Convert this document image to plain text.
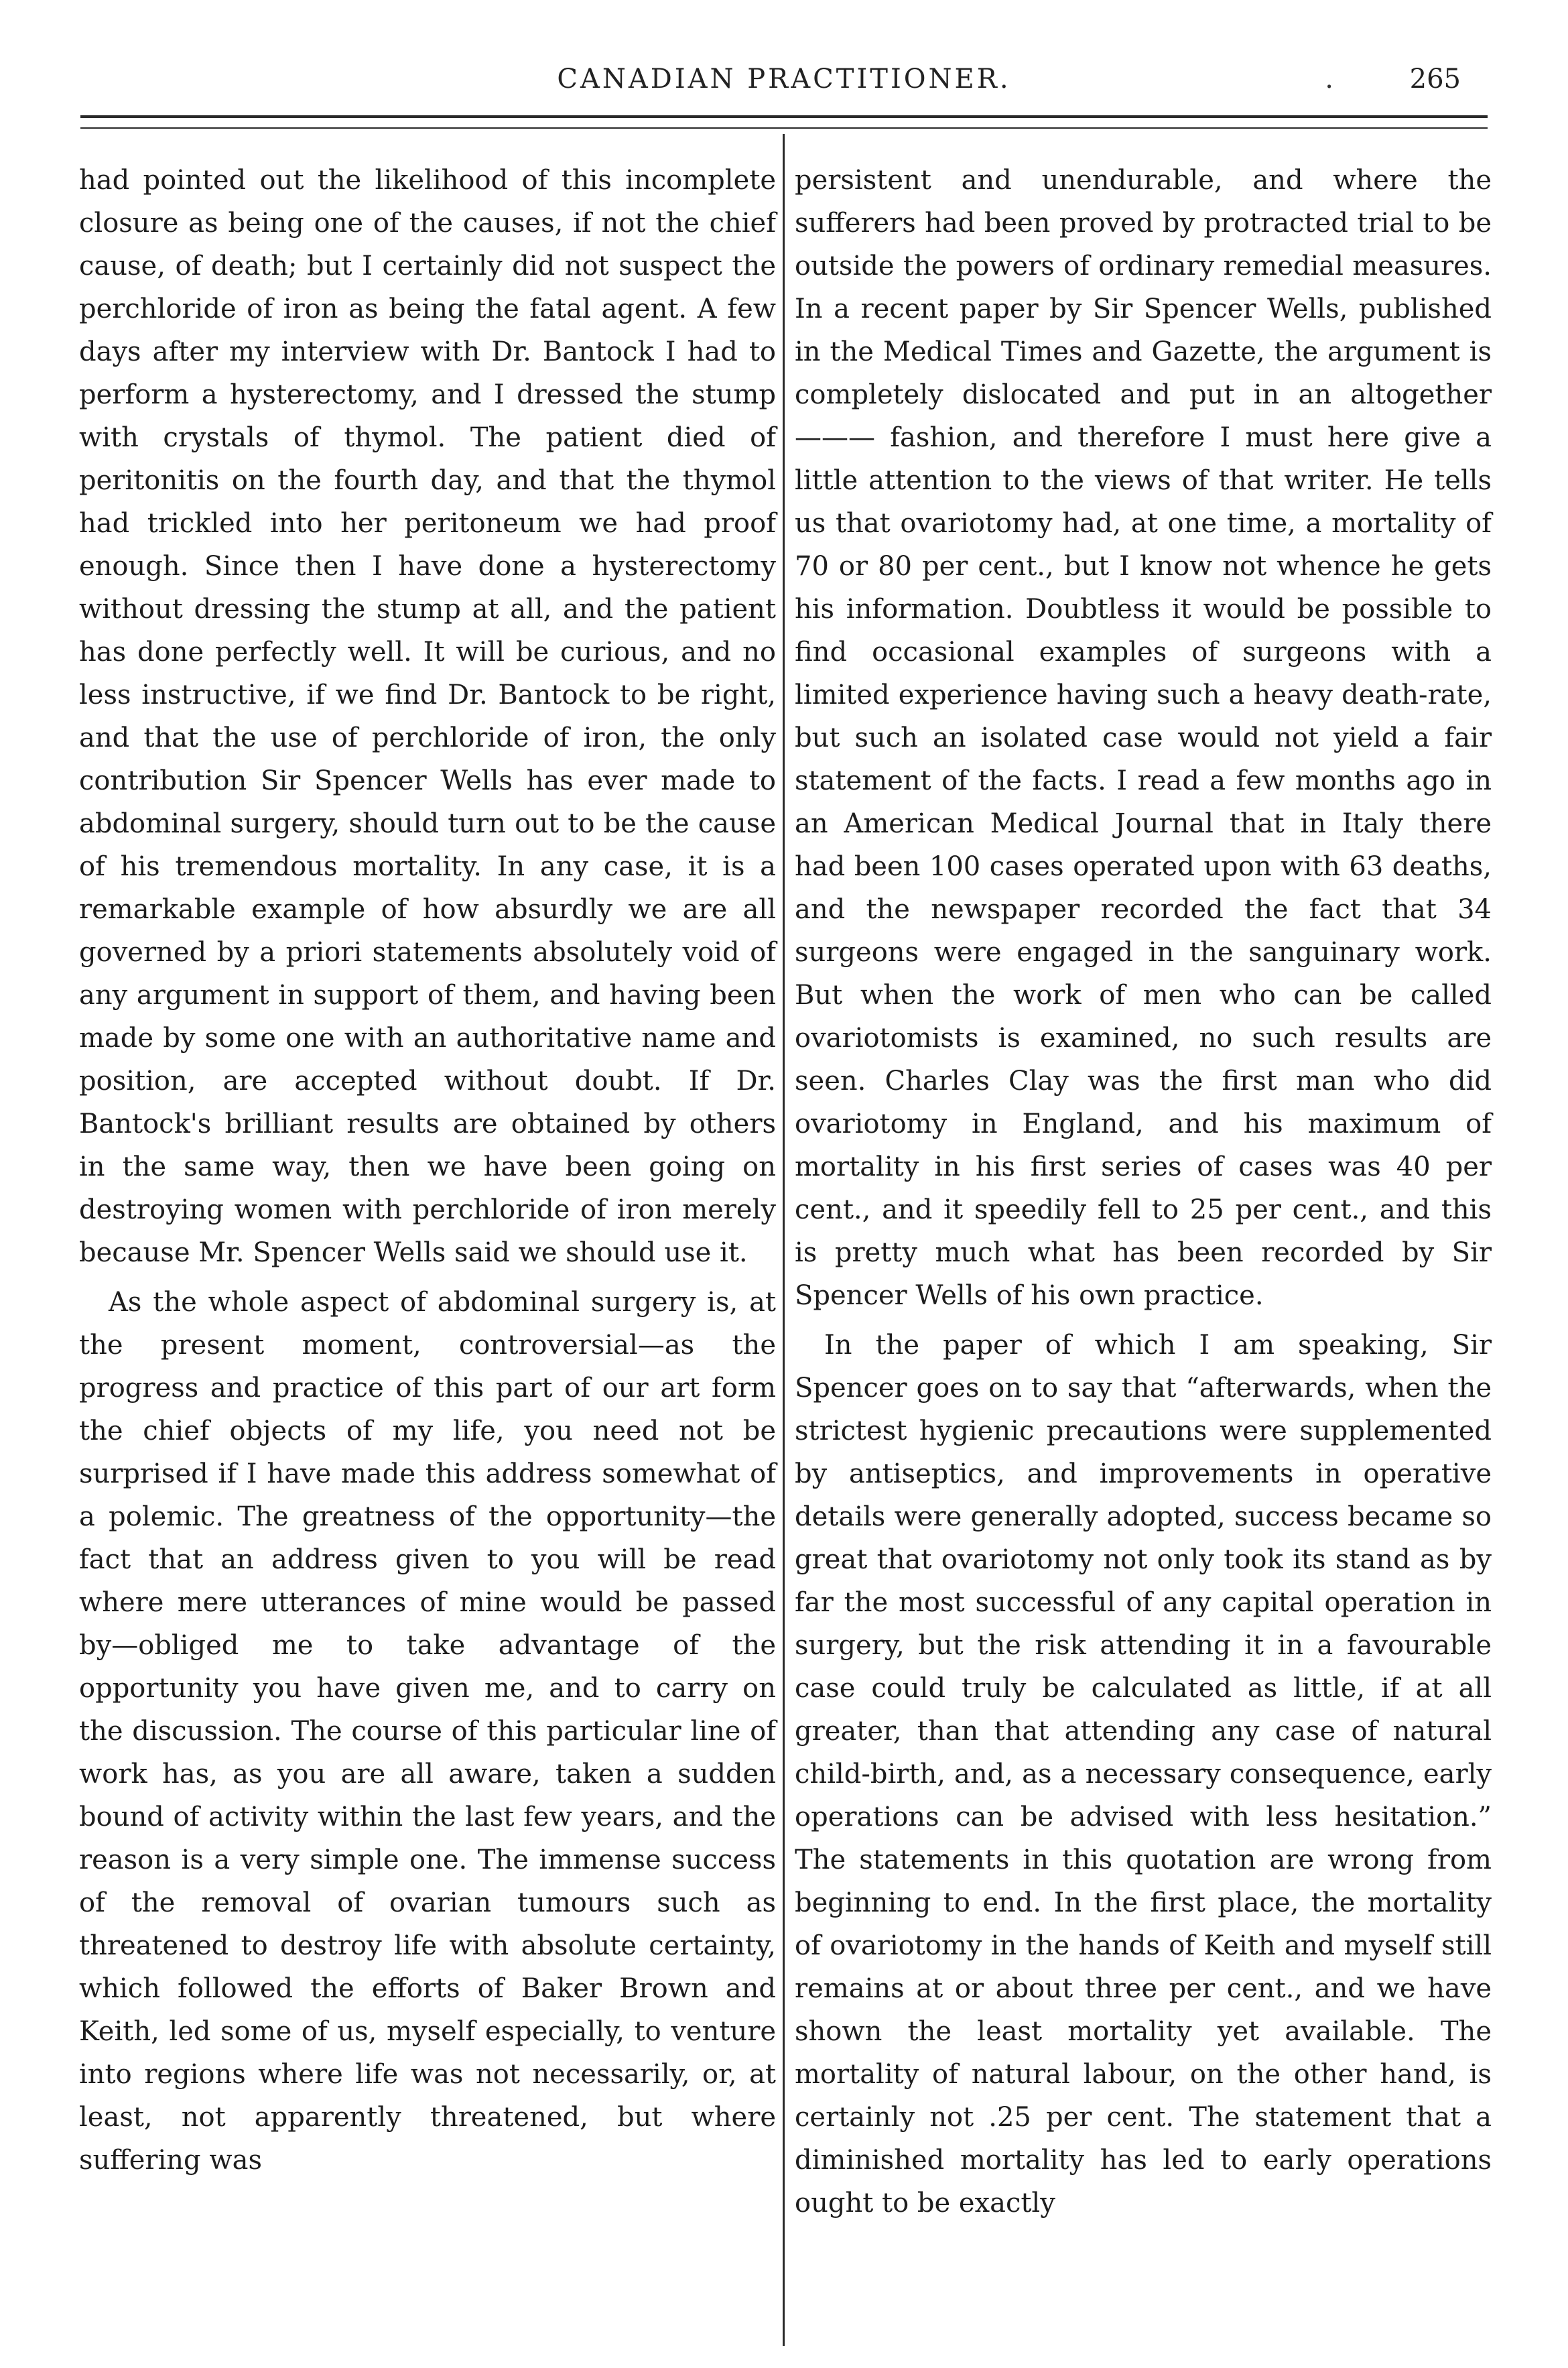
CANADIAN PRACTITIONER.	.	265

had pointed out the likelihood of this incomplete closure as being one of the causes, if not the chief cause, of death; but I certainly did not suspect the perchloride of iron as being the fatal agent. A few days after my interview with Dr. Bantock I had to perform a hysterectomy, and I dressed the stump with crystals of thymol. The patient died of peritonitis on the fourth day, and that the thymol had trickled into her peritoneum we had proof enough. Since then I have done a hysterectomy without dressing the stump at all, and the patient has done perfectly well. It will be curious, and no less instructive, if we find Dr. Bantock to be right, and that the use of perchloride of iron, the only contribution Sir Spencer Wells has ever made to abdominal surgery, should turn out to be the cause of his tremendous mortality. In any case, it is a remarkable example of how absurdly we are all governed by a priori statements absolutely void of any argument in support of them, and having been made by some one with an authoritative name and position, are accepted without doubt. If Dr. Bantock's brilliant results are obtained by others in the same way, then we have been going on destroying women with perchloride of iron merely because Mr. Spencer Wells said we should use it.

As the whole aspect of abdominal surgery is, at the present moment, controversial—as the progress and practice of this part of our art form the chief objects of my life, you need not be surprised if I have made this address somewhat of a polemic. The greatness of the opportunity—the fact that an address given to you will be read where mere utterances of mine would be passed by—obliged me to take advantage of the opportunity you have given me, and to carry on the discussion. The course of this particular line of work has, as you are all aware, taken a sudden bound of activity within the last few years, and the reason is a very simple one. The immense success of the removal of ovarian tumours such as threatened to destroy life with absolute certainty, which followed the efforts of Baker Brown and Keith, led some of us, myself especially, to venture into regions where life was not necessarily, or, at least, not apparently threatened, but where suffering was

persistent and unendurable, and where the sufferers had been proved by protracted trial to be outside the powers of ordinary remedial measures. In a recent paper by Sir Spencer Wells, published in the Medical Times and Gazette, the argument is completely dislocated and put in an altogether ——— fashion, and therefore I must here give a little attention to the views of that writer. He tells us that ovariotomy had, at one time, a mortality of 70 or 80 per cent., but I know not whence he gets his information. Doubtless it would be possible to find occasional examples of surgeons with a limited experience having such a heavy death-rate, but such an isolated case would not yield a fair statement of the facts. I read a few months ago in an American Medical Journal that in Italy there had been 100 cases operated upon with 63 deaths, and the newspaper recorded the fact that 34 surgeons were engaged in the sanguinary work. But when the work of men who can be called ovariotomists is examined, no such results are seen. Charles Clay was the first man who did ovariotomy in England, and his maximum of mortality in his first series of cases was 40 per cent., and it speedily fell to 25 per cent., and this is pretty much what has been recorded by Sir Spencer Wells of his own practice.

In the paper of which I am speaking, Sir Spencer goes on to say that “afterwards, when the strictest hygienic precautions were supplemented by antiseptics, and improvements in operative details were generally adopted, success became so great that ovariotomy not only took its stand as by far the most successful of any capital operation in surgery, but the risk attending it in a favourable case could truly be calculated as little, if at all greater, than that attending any case of natural child-birth, and, as a necessary consequence, early operations can be advised with less hesitation.” The statements in this quotation are wrong from beginning to end. In the first place, the mortality of ovariotomy in the hands of Keith and myself still remains at or about three per cent., and we have shown the least mortality yet available. The mortality of natural labour, on the other hand, is certainly not .25 per cent. The statement that a diminished mortality has led to early operations ought to be exactly
